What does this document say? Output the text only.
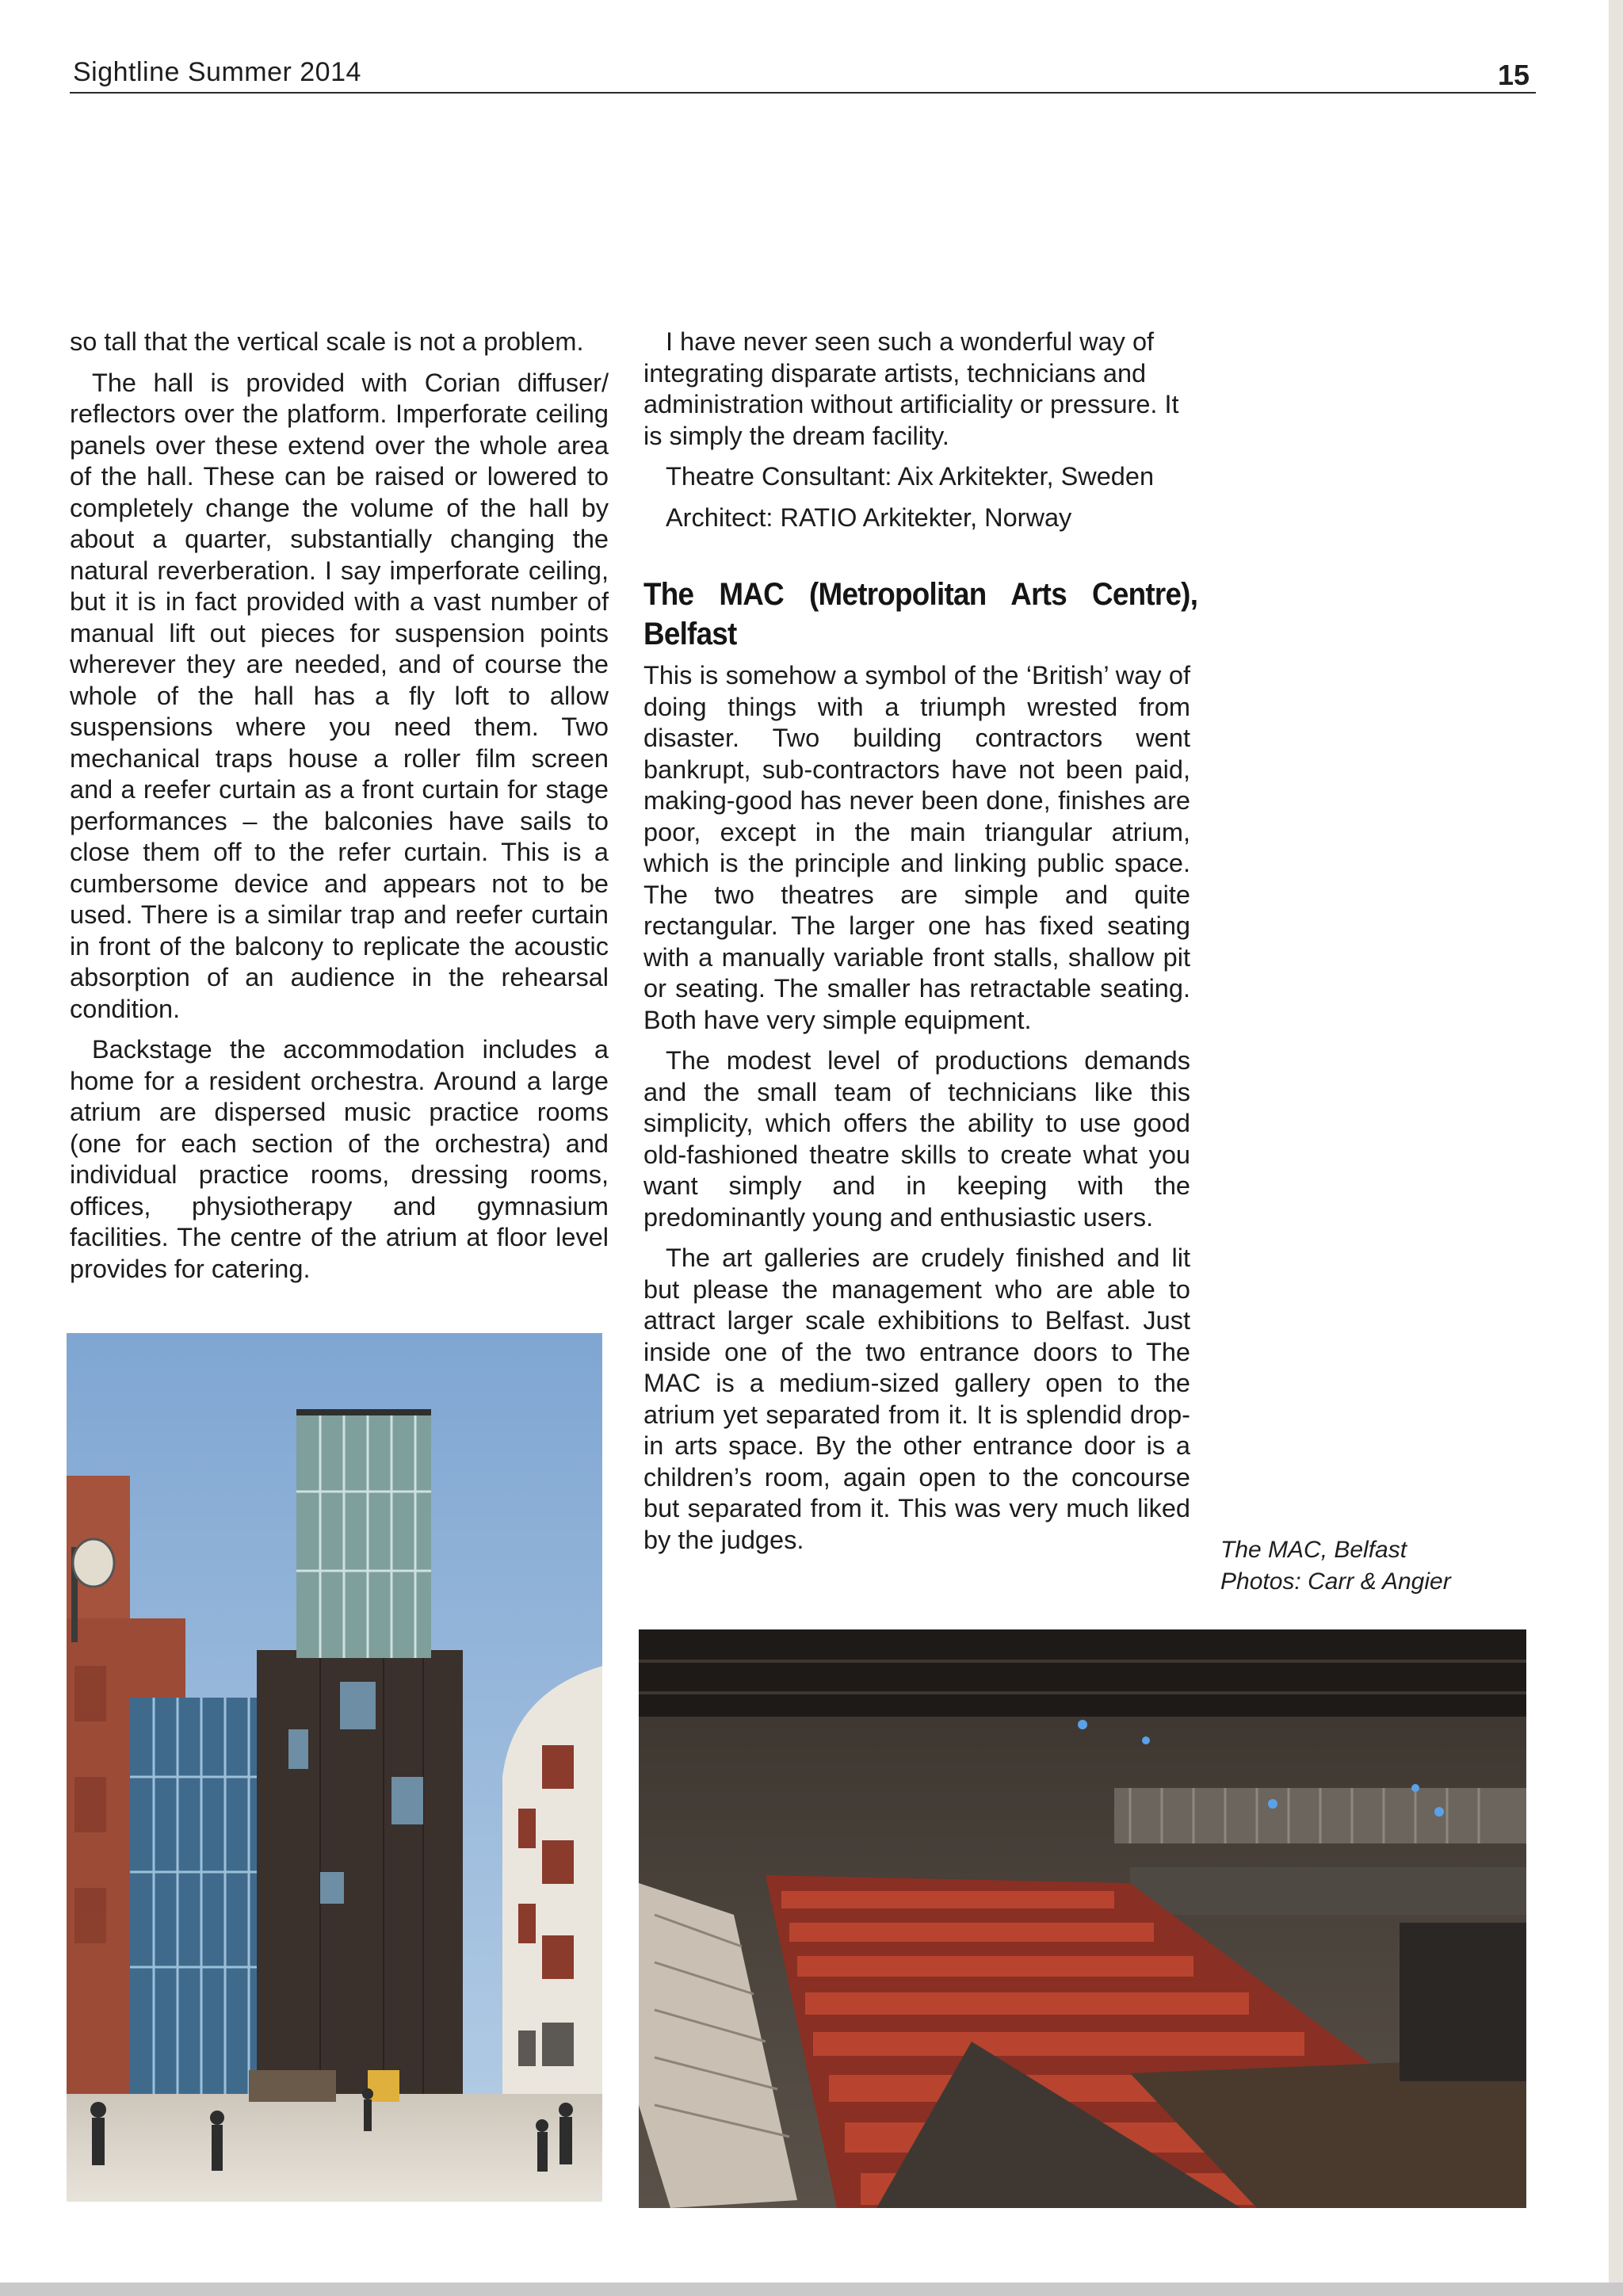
Sightline Summer 2014	15

so tall that the vertical scale is not a problem.

The hall is provided with Corian diffuser/ reflectors over the platform. Imperforate ceiling panels over these extend over the whole area of the hall. These can be raised or lowered to completely change the volume of the hall by about a quarter, substantially changing the natural reverberation. I say imperforate ceiling, but it is in fact provided with a vast number of manual lift out pieces for suspension points wherever they are needed, and of course the whole of the hall has a fly loft to allow suspensions where you need them. Two mechanical traps house a roller film screen and a reefer curtain as a front curtain for stage performances – the balconies have sails to close them off to the refer curtain. This is a cumbersome device and appears not to be used. There is a similar trap and reefer curtain in front of the balcony to replicate the acoustic absorption of an audience in the rehearsal condition.

Backstage the accommodation includes a home for a resident orchestra. Around a large atrium are dispersed music practice rooms (one for each section of the orchestra) and individual practice rooms, dressing rooms, offices, physiotherapy and gymnasium facilities. The centre of the atrium at floor level provides for catering.

I have never seen such a wonderful way of integrating disparate artists, technicians and administration without artificiality or pressure. It is simply the dream facility.

Theatre Consultant: Aix Arkitekter, Sweden

Architect: RATIO Arkitekter, Norway

The MAC (Metropolitan Arts Centre), Belfast

This is somehow a symbol of the ‘British’ way of doing things with a triumph wrested from disaster. Two building contractors went bankrupt, sub-contractors have not been paid, making-good has never been done, finishes are poor, except in the main triangular atrium, which is the principle and linking public space. The two theatres are simple and quite rectangular. The larger one has fixed seating with a manually variable front stalls, shallow pit or seating. The smaller has retractable seating. Both have very simple equipment.

The modest level of productions demands and the small team of technicians like this simplicity, which offers the ability to use good old-fashioned theatre skills to create what you want simply and in keeping with the predominantly young and enthusiastic users.

The art galleries are crudely finished and lit but please the management who are able to attract larger scale exhibitions to Belfast. Just inside one of the two entrance doors to The MAC is a medium-sized gallery open to the atrium yet separated from it. It is splendid drop-in arts space. By the other entrance door is a children’s room, again open to the concourse but separated from it. This was very much liked by the judges.	The MAC, Belfast
Photos: Carr & Angier
